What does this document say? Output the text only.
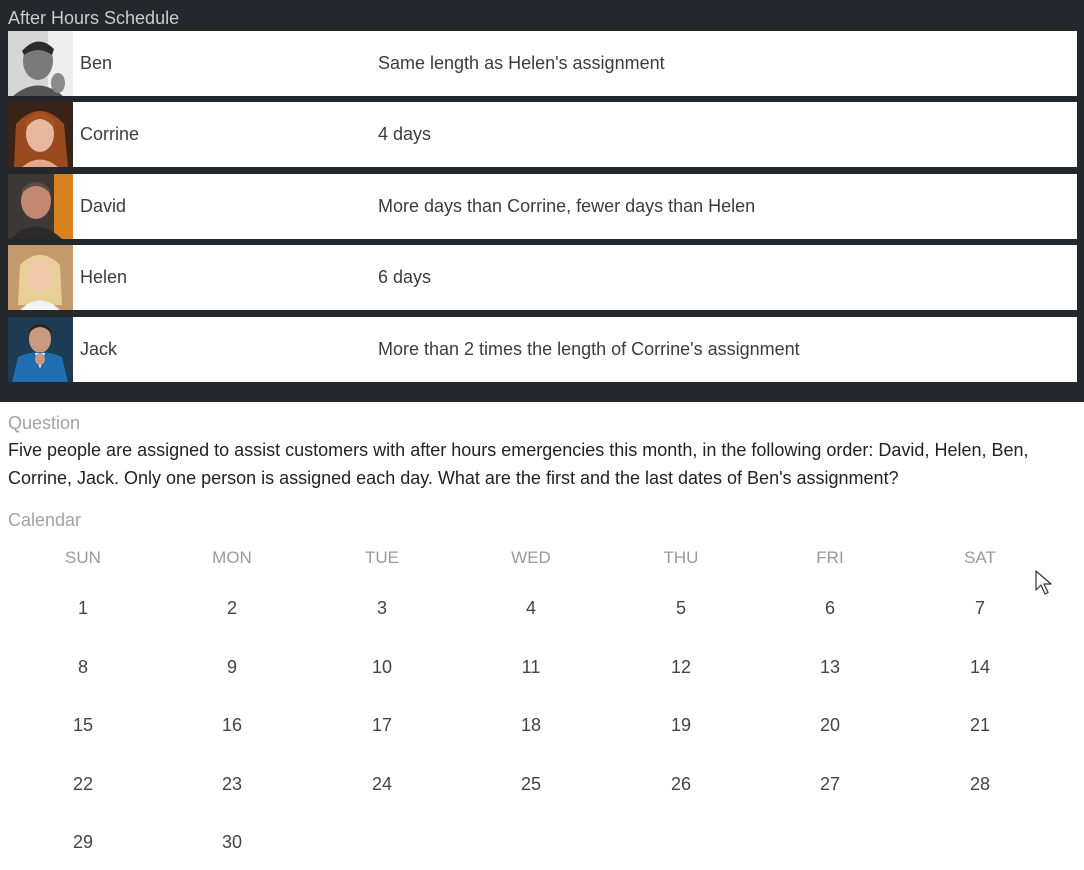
After Hours Schedule
Ben	Same length as Helen's assignment
Corrine	4 days
David	More days than Corrine, fewer days than Helen
Helen	6 days
Jack	More than 2 times the length of Corrine's assignment
Question
Five people are assigned to assist customers with after hours emergencies this month, in the following order: David, Helen, Ben, Corrine, Jack. Only one person is assigned each day. What are the first and the last dates of Ben's assignment?
Calendar
SUN	MON	TUE	WED	THU	FRI	SAT
1	2	3	4	5	6	7
8	9	10	11	12	13	14
15	16	17	18	19	20	21
22	23	24	25	26	27	28
29	30
